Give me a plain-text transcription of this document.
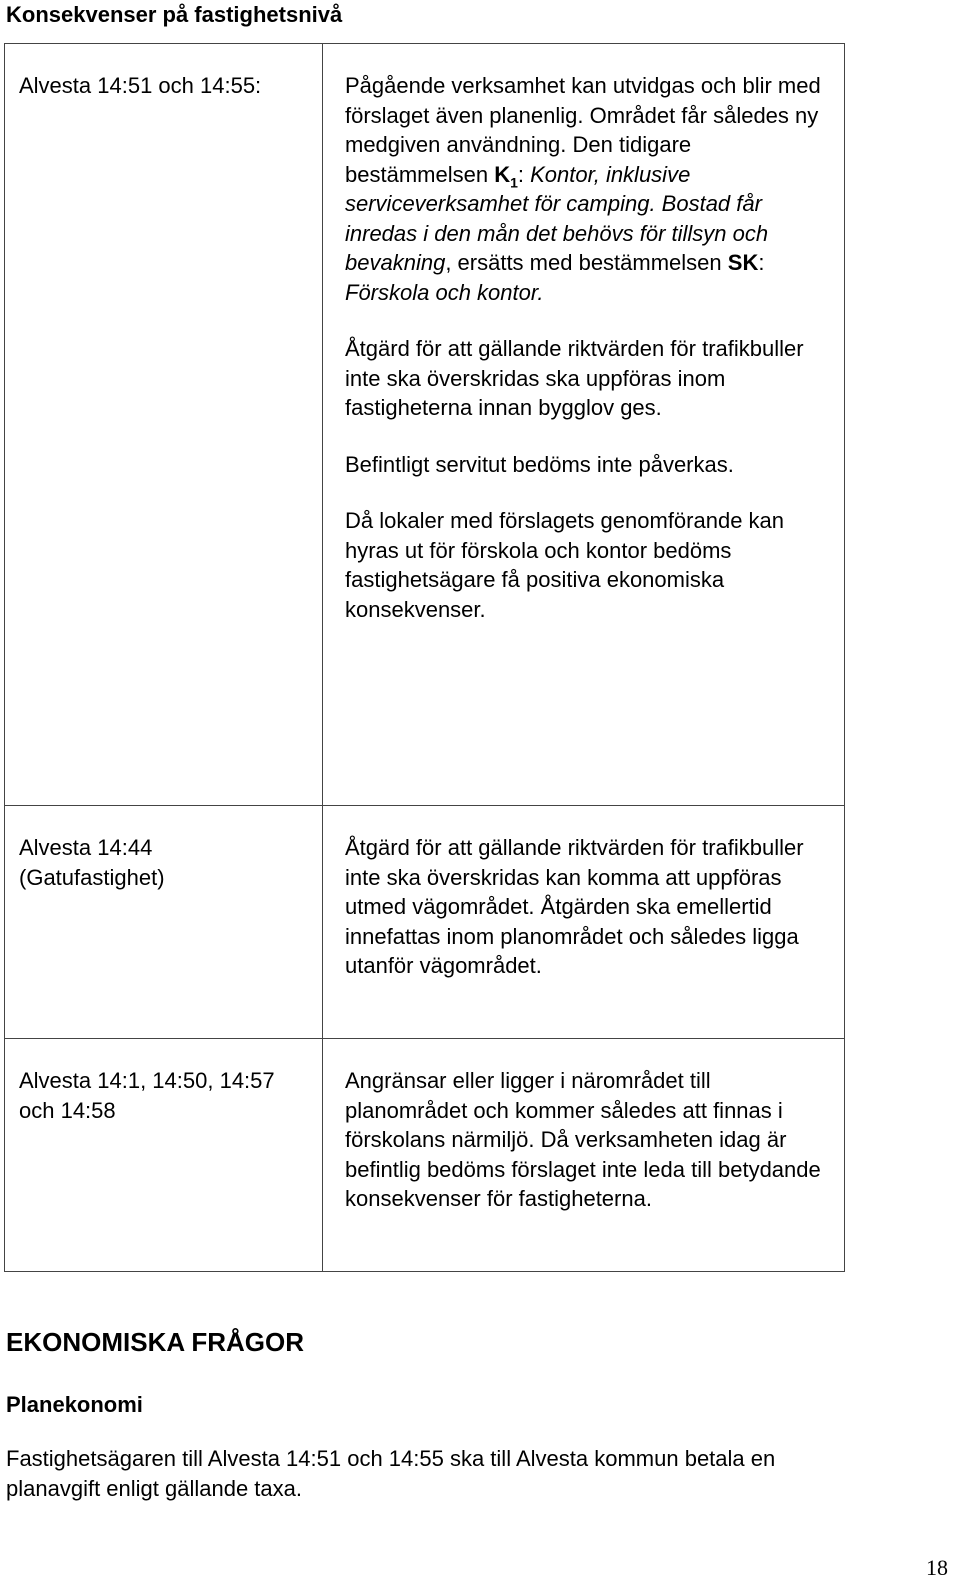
Konsekvenser på fastighetsnivå
Alvesta 14:51 och 14:55:	Pågående verksamhet kan utvidgas och blir med förslaget även planenlig. Området får således ny medgiven användning. Den tidigare bestämmelsen $K_1$: Kontor, inklusive serviceverksamhet för camping. Bostad får inredas i den mån det behövs för tillsyn och bevakning, ersätts med bestämmelsen SK: Förskola och kontor.

Åtgärd för att gällande riktvärden för trafikbuller inte ska överskridas ska uppföras inom fastigheterna innan bygglov ges.

Befintligt servitut bedöms inte påverkas.

Då lokaler med förslagets genomförande kan hyras ut för förskola och kontor bedöms fastighetsägare få positiva ekonomiska konsekvenser.

Alvesta 14:44
(Gatufastighet)	Åtgärd för att gällande riktvärden för trafikbuller inte ska överskridas kan komma att uppföras utmed vägområdet. Åtgärden ska emellertid innefattas inom planområdet och således ligga utanför vägområdet.

Alvesta 14:1, 14:50, 14:57 och 14:58	Angränsar eller ligger i närområdet till planområdet och kommer således att finnas i förskolans närmiljö. Då verksamheten idag är befintlig bedöms förslaget inte leda till betydande konsekvenser för fastigheterna.

EKONOMISKA FRÅGOR
Planekonomi

Fastighetsägaren till Alvesta 14:51 och 14:55 ska till Alvesta kommun betala en planavgift enligt gällande taxa.

18
